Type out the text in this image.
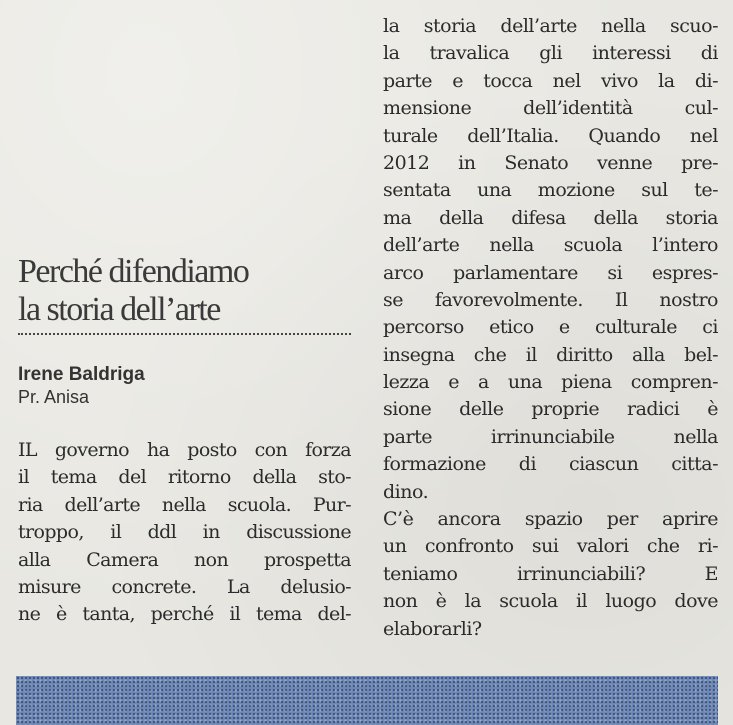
Perché difendiamo
la storia dell’arte
Irene Baldriga
Pr. Anisa
IL governo ha posto con forza
il tema del ritorno della sto-
ria dell’arte nella scuola. Pur-
troppo, il ddl in discussione
alla Camera non prospetta
misure concrete. La delusio-
ne è tanta, perché il tema del-
la storia dell’arte nella scuo-
la travalica gli interessi di
parte e tocca nel vivo la di-
mensione dell’identità cul-
turale dell’Italia. Quando nel
2012 in Senato venne pre-
sentata una mozione sul te-
ma della difesa della storia
dell’arte nella scuola l’intero
arco parlamentare si espres-
se favorevolmente. Il nostro
percorso etico e culturale ci
insegna che il diritto alla bel-
lezza e a una piena compren-
sione delle proprie radici è
parte irrinunciabile nella
formazione di ciascun citta-
dino.
C’è ancora spazio per aprire
un confronto sui valori che ri-
teniamo irrinunciabili? E
non è la scuola il luogo dove
elaborarli?
